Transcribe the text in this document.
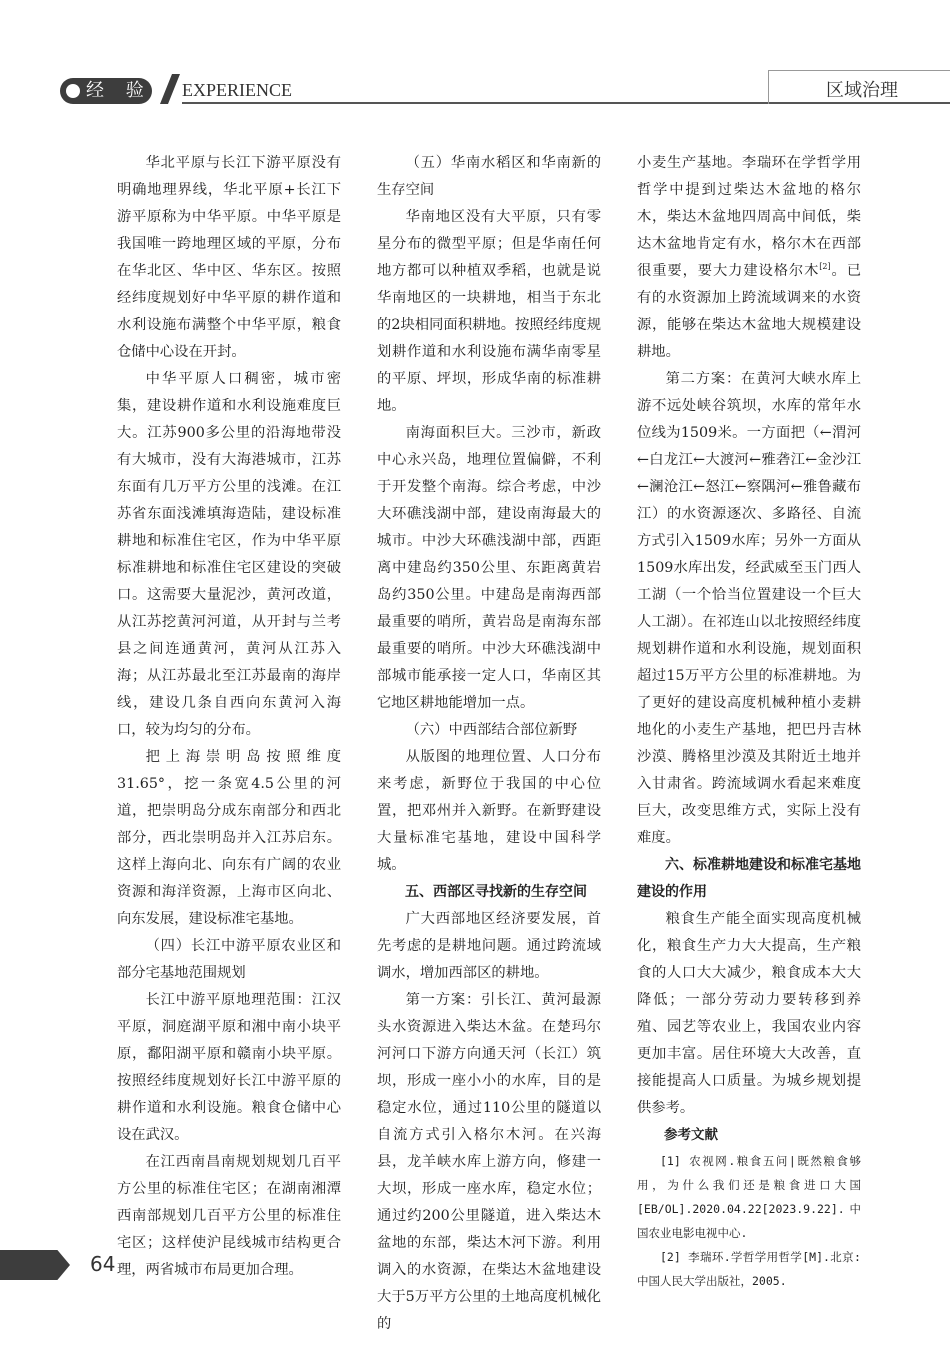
经 验 EXPERIENCE	区域治理

华北平原与长江下游平原没有明确地理界线，华北平原+长江下游平原称为中华平原。中华平原是我国唯一跨地理区域的平原，分布在华北区、华中区、华东区。按照经纬度规划好中华平原的耕作道和水利设施布满整个中华平原，粮食仓储中心设在开封。

中华平原人口稠密，城市密集，建设耕作道和水利设施难度巨大。江苏900多公里的沿海地带没有大城市，没有大海港城市，江苏东面有几万平方公里的浅滩。在江苏省东面浅滩填海造陆，建设标准耕地和标准住宅区，作为中华平原标准耕地和标准住宅区建设的突破口。这需要大量泥沙，黄河改道，从江苏挖黄河河道，从开封与兰考县之间连通黄河，黄河从江苏入海；从江苏最北至江苏最南的海岸线，建设几条自西向东黄河入海口，较为均匀的分布。

把上海崇明岛按照维度31.65°，挖一条宽4.5公里的河道，把崇明岛分成东南部分和西北部分，西北崇明岛并入江苏启东。这样上海向北、向东有广阔的农业资源和海洋资源，上海市区向北、向东发展，建设标准宅基地。

（四）长江中游平原农业区和部分宅基地范围规划

长江中游平原地理范围：江汉平原，洞庭湖平原和湘中南小块平原，鄱阳湖平原和赣南小块平原。按照经纬度规划好长江中游平原的耕作道和水利设施。粮食仓储中心设在武汉。

在江西南昌南规划规划几百平方公里的标准住宅区；在湖南湘潭西南部规划几百平方公里的标准住宅区；这样使沪昆线城市结构更合理，两省城市布局更加合理。

（五）华南水稻区和华南新的生存空间

华南地区没有大平原，只有零星分布的微型平原；但是华南任何地方都可以种植双季稻，也就是说华南地区的一块耕地，相当于东北的2块相同面积耕地。按照经纬度规划耕作道和水利设施布满华南零星的平原、坪坝，形成华南的标准耕地。

南海面积巨大。三沙市，新政中心永兴岛，地理位置偏僻，不利于开发整个南海。综合考虑，中沙大环礁浅湖中部，建设南海最大的城市。中沙大环礁浅湖中部，西距离中建岛约350公里、东距离黄岩岛约350公里。中建岛是南海西部最重要的哨所，黄岩岛是南海东部最重要的哨所。中沙大环礁浅湖中部城市能承接一定人口，华南区其它地区耕地能增加一点。

（六）中西部结合部位新野

从版图的地理位置、人口分布来考虑，新野位于我国的中心位置，把邓州并入新野。在新野建设大量标准宅基地，建设中国科学城。

五、西部区寻找新的生存空间

广大西部地区经济要发展，首先考虑的是耕地问题。通过跨流域调水，增加西部区的耕地。

第一方案：引长江、黄河最源头水资源进入柴达木盆。在楚玛尔河河口下游方向通天河（长江）筑坝，形成一座小小的水库，目的是稳定水位，通过110公里的隧道以自流方式引入格尔木河。在兴海县，龙羊峡水库上游方向，修建一大坝，形成一座水库，稳定水位；通过约200公里隧道，进入柴达木盆地的东部，柴达木河下游。利用调入的水资源，在柴达木盆地建设大于5万平方公里的土地高度机械化的

小麦生产基地。李瑞环在学哲学用哲学中提到过柴达木盆地的格尔木，柴达木盆地四周高中间低，柴达木盆地肯定有水，格尔木在西部很重要，要大力建设格尔木[2]。已有的水资源加上跨流域调来的水资源，能够在柴达木盆地大规模建设耕地。

第二方案：在黄河大峡水库上游不远处峡谷筑坝，水库的常年水位线为1509米。一方面把（←渭河←白龙江←大渡河←雅砻江←金沙江←澜沧江←怒江←察隅河←雅鲁藏布江）的水资源逐次、多路径、自流方式引入1509水库；另外一方面从1509水库出发，经武威至玉门西人工湖（一个恰当位置建设一个巨大人工湖）。在祁连山以北按照经纬度规划耕作道和水利设施，规划面积超过15万平方公里的标准耕地。为了更好的建设高度机械种植小麦耕地化的小麦生产基地，把巴丹吉林沙漠、腾格里沙漠及其附近土地并入甘肃省。跨流域调水看起来难度巨大，改变思维方式，实际上没有难度。

六、标准耕地建设和标准宅基地建设的作用

粮食生产能全面实现高度机械化，粮食生产力大大提高，生产粮食的人口大大减少，粮食成本大大降低；一部分劳动力要转移到养殖、园艺等农业上，我国农业内容更加丰富。居住环境大大改善，直接能提高人口质量。为城乡规划提供参考。

参考文献

[1] 农视网.粮食五问|既然粮食够用，为什么我们还是粮食进口大国[EB/OL].2020.04.22[2023.9.22].中国农业电影电视中心.

[2] 李瑞环.学哲学用哲学[M].北京:中国人民大学出版社，2005.

64
